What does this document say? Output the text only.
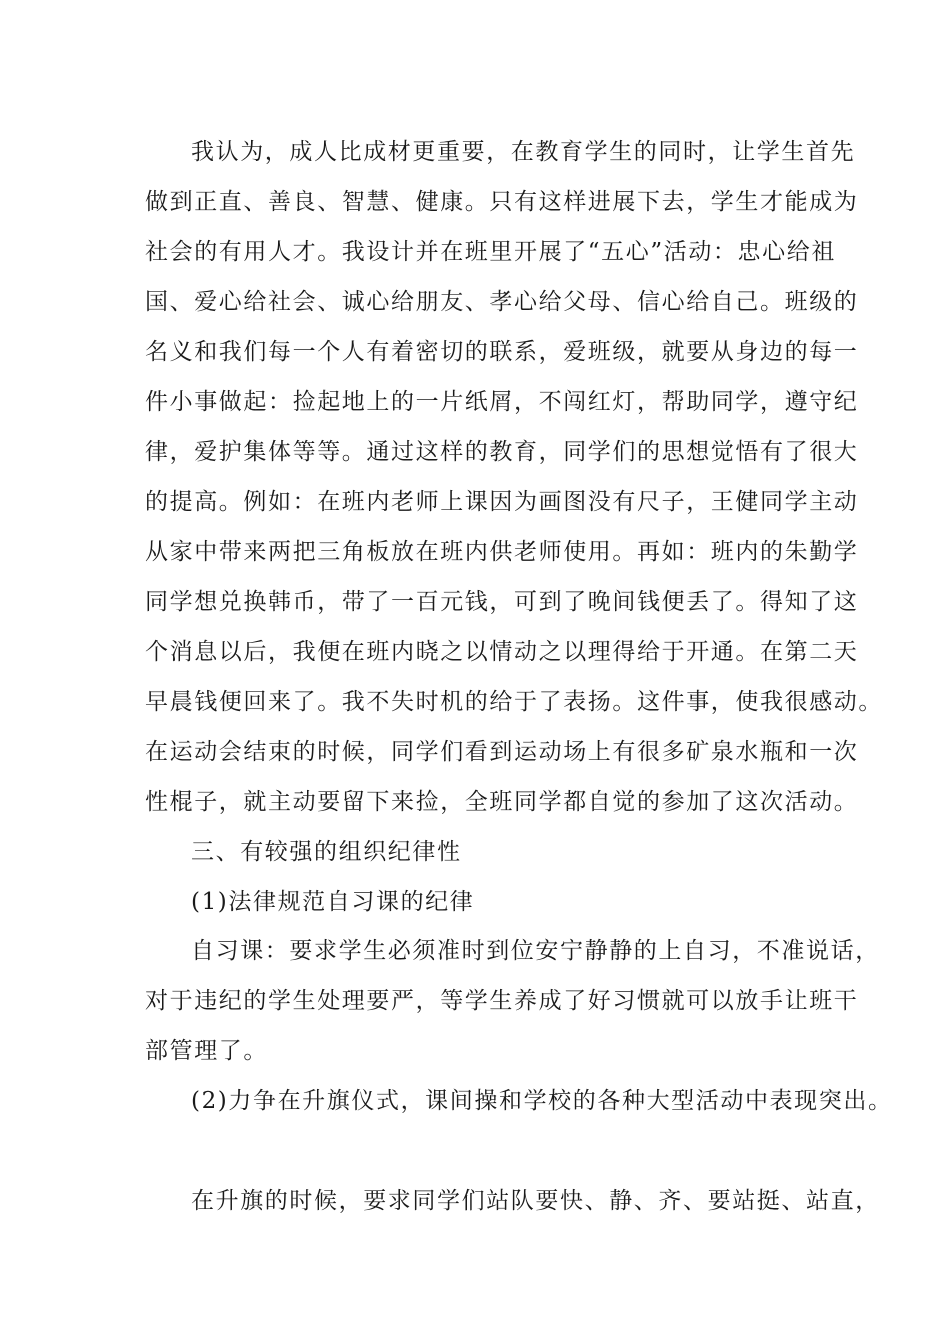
我认为，成人比成材更重要，在教育学生的同时，让学生首先
做到正直、善良、智慧、健康。只有这样进展下去，学生才能成为
社会的有用人才。我设计并在班里开展了“五心”活动：忠心给祖
国、爱心给社会、诚心给朋友、孝心给父母、信心给自己。班级的
名义和我们每一个人有着密切的联系，爱班级，就要从身边的每一
件小事做起：捡起地上的一片纸屑，不闯红灯，帮助同学，遵守纪
律，爱护集体等等。通过这样的教育，同学们的思想觉悟有了很大
的提高。例如：在班内老师上课因为画图没有尺子，王健同学主动
从家中带来两把三角板放在班内供老师使用。再如：班内的朱勤学
同学想兑换韩币，带了一百元钱，可到了晚间钱便丢了。得知了这
个消息以后，我便在班内晓之以情动之以理得给于开通。在第二天
早晨钱便回来了。我不失时机的给于了表扬。这件事，使我很感动。
在运动会结束的时候，同学们看到运动场上有很多矿泉水瓶和一次
性棍子，就主动要留下来捡，全班同学都自觉的参加了这次活动。
三、有较强的组织纪律性
(1)法律规范自习课的纪律
自习课：要求学生必须准时到位安宁静静的上自习，不准说话，
对于违纪的学生处理要严，等学生养成了好习惯就可以放手让班干
部管理了。
(2)力争在升旗仪式，课间操和学校的各种大型活动中表现突出。
在升旗的时候，要求同学们站队要快、静、齐、要站挺、站直，
